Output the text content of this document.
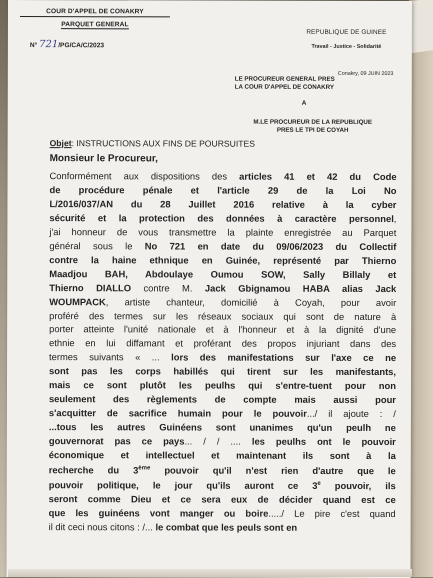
COUR D'APPEL DE CONAKRY
PARQUET GENERAL
N° 721/PG/CA/C/2023
REPUBLIQUE DE GUINEE
Travail - Justice - Solidarité
Conakry, 09 JUIN 2023
LE PROCUREUR GENERAL PRES
LA COUR D'APPEL DE CONAKRY
A
M.LE PROCUREUR DE LA REPUBLIQUE
PRES LE TPI DE COYAH
Objet: INSTRUCTIONS AUX FINS DE POURSUITES
Monsieur le Procureur,
Conformément aux dispositions des articles 41 et 42 du Code
de procédure pénale et l'article 29 de la Loi No
L/2016/037/AN du 28 Juillet 2016 relative à la cyber
sécurité et la protection des données à caractère personnel,
j'ai honneur de vous transmettre la plainte enregistrée au Parquet
général sous le No 721 en date du 09/06/2023 du Collectif
contre la haine ethnique en Guinée, représenté par Thierno
Maadjou BAH, Abdoulaye Oumou SOW, Sally Billaly et
Thierno DIALLO contre M. Jack Gbignamou HABA alias Jack
WOUMPACK, artiste chanteur, domicilié à Coyah, pour avoir
proféré des termes sur les réseaux sociaux qui sont de nature à
porter atteinte l'unité nationale et à l'honneur et à la dignité d'une
ethnie en lui diffamant et proférant des propos injuriant dans des
termes suivants « ... lors des manifestations sur l'axe ce ne
sont pas les corps habillés qui tirent sur les manifestants,
mais ce sont plutôt les peulhs qui s'entre-tuent pour non
seulement des règlements de compte mais aussi pour
s'acquitter de sacrifice humain pour le pouvoir.../ il ajoute : /
...tous les autres Guinéens sont unanimes qu'un peulh ne
gouvernorat pas ce pays... / / .... les peulhs ont le pouvoir
économique et intellectuel et maintenant ils sont à la
recherche du 3ème pouvoir qu'il n'est rien d'autre que le
pouvoir politique, le jour qu'ils auront ce 3e pouvoir, ils
seront comme Dieu et ce sera eux de décider quand est ce
que les guinéens vont manger ou boire...../ Le pire c'est quand
il dit ceci nous citons : /... le combat que les peuls sont en
